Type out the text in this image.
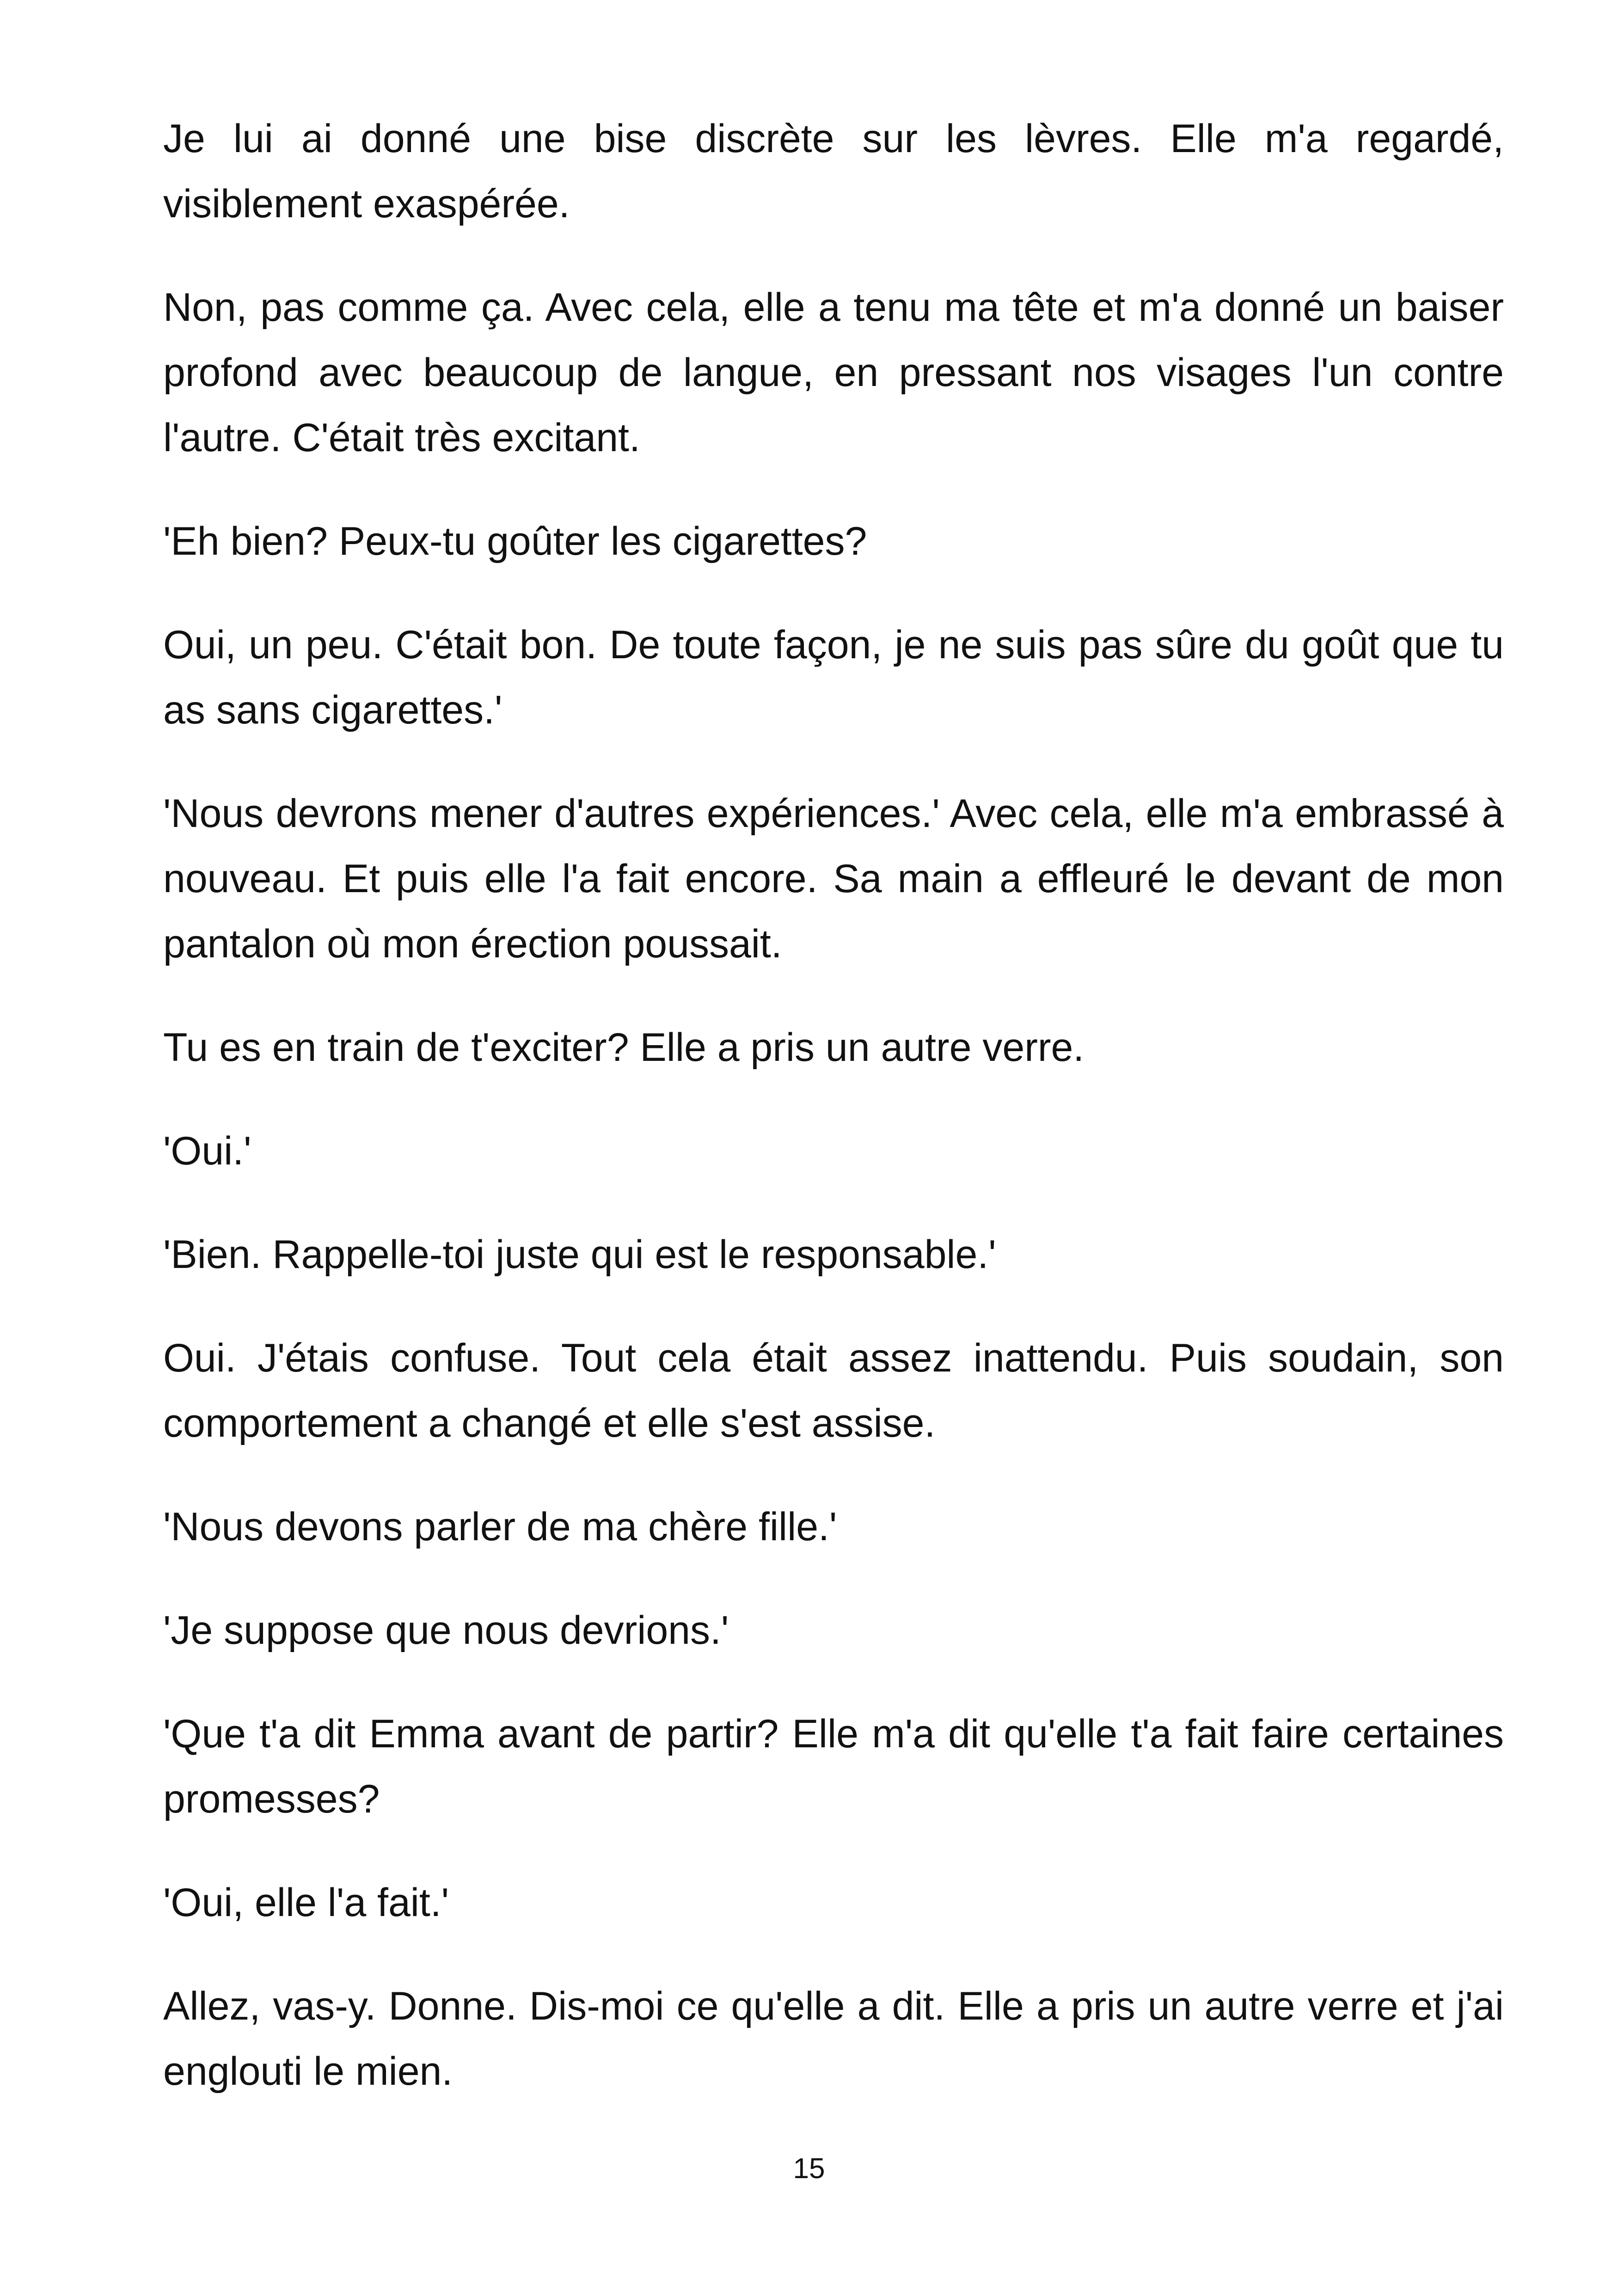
Je lui ai donné une bise discrète sur les lèvres. Elle m'a regardé, visiblement exaspérée.

Non, pas comme ça. Avec cela, elle a tenu ma tête et m'a donné un baiser profond avec beaucoup de langue, en pressant nos visages l'un contre l'autre. C'était très excitant.

'Eh bien? Peux-tu goûter les cigarettes?

Oui, un peu. C'était bon. De toute façon, je ne suis pas sûre du goût que tu as sans cigarettes.'

'Nous devrons mener d'autres expériences.' Avec cela, elle m'a embrassé à nouveau. Et puis elle l'a fait encore. Sa main a effleuré le devant de mon pantalon où mon érection poussait.

Tu es en train de t'exciter? Elle a pris un autre verre.

'Oui.'

'Bien. Rappelle-toi juste qui est le responsable.'

Oui. J'étais confuse. Tout cela était assez inattendu. Puis soudain, son comportement a changé et elle s'est assise.

'Nous devons parler de ma chère fille.'

'Je suppose que nous devrions.'

'Que t'a dit Emma avant de partir? Elle m'a dit qu'elle t'a fait faire certaines promesses?

'Oui, elle l'a fait.'

Allez, vas-y. Donne. Dis-moi ce qu'elle a dit. Elle a pris un autre verre et j'ai englouti le mien.

15
